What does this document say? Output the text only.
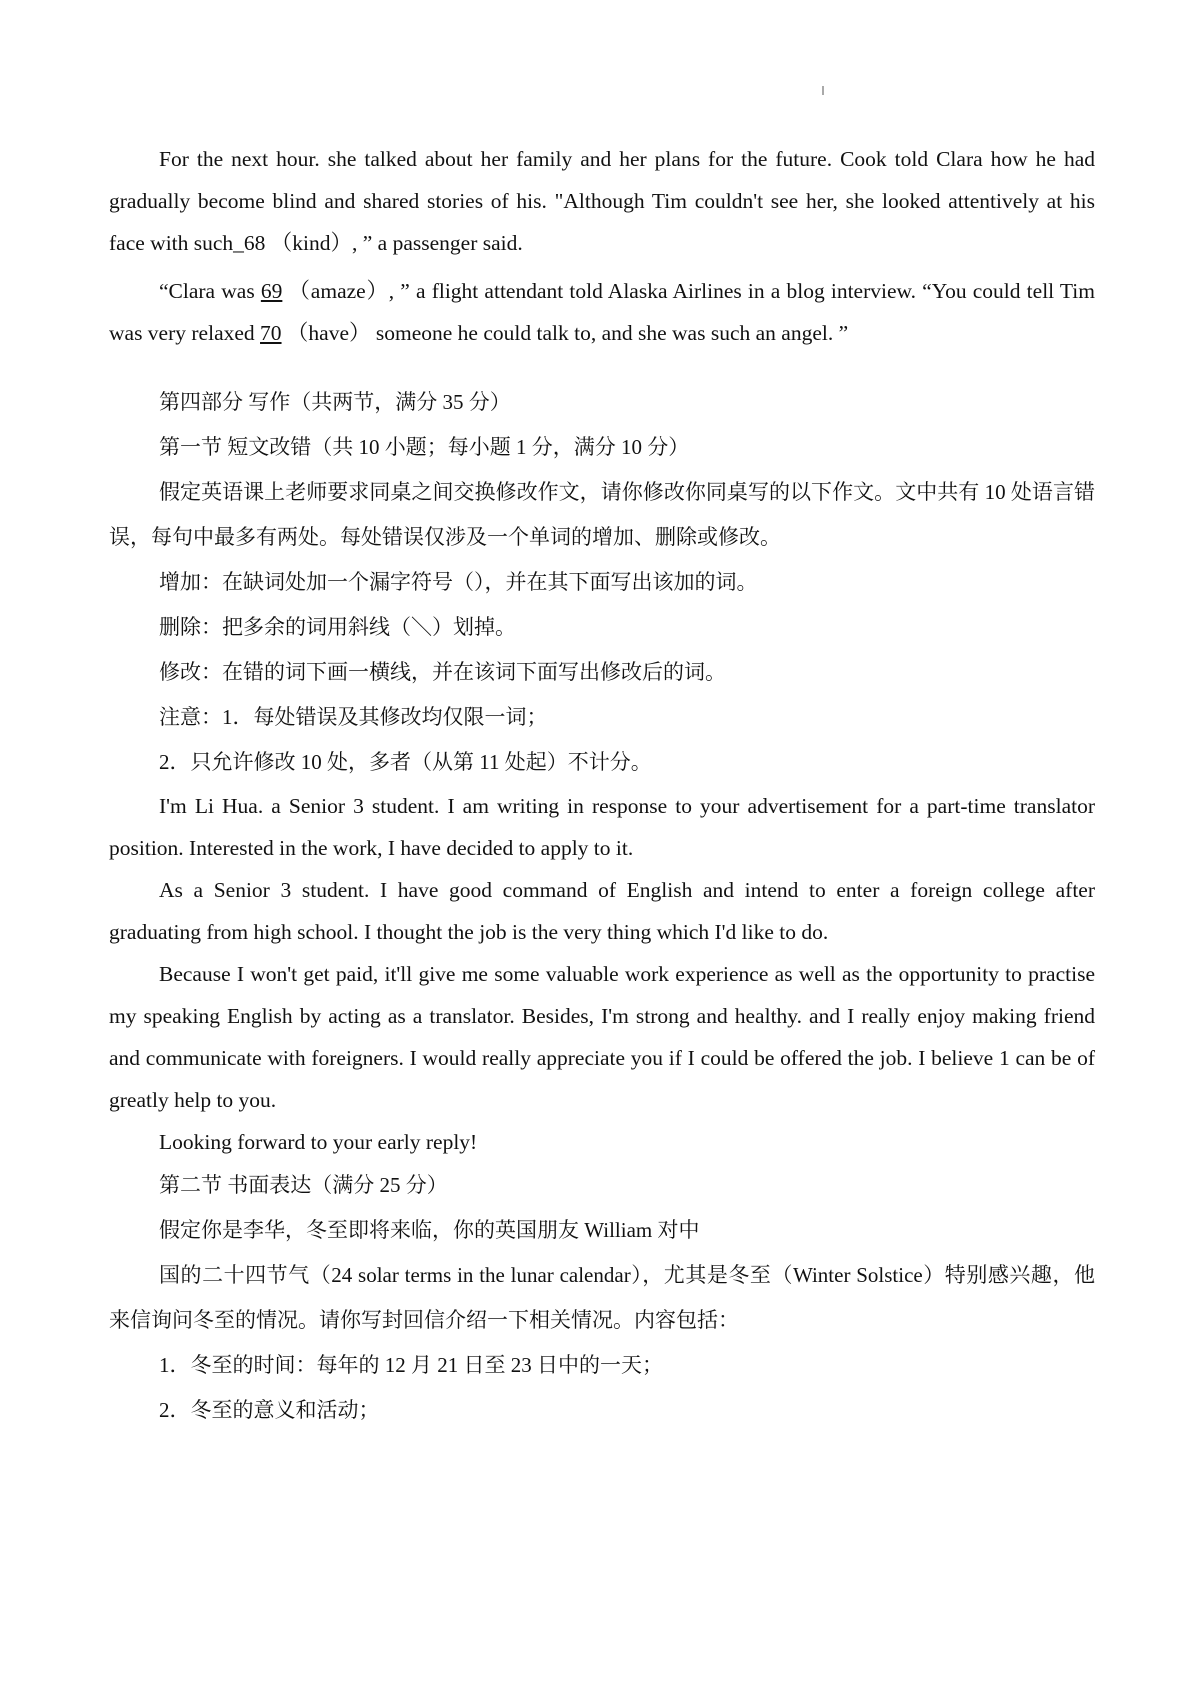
For the next hour. she talked about her family and her plans for the future. Cook told Clara how he had gradually become blind and shared stories of his. "Although Tim couldn't see her, she looked attentively at his face with such_68 （kind）, ” a passenger said.

“Clara was 69 （amaze）, ” a flight attendant told Alaska Airlines in a blog interview. “You could tell Tim was very relaxed 70 （have） someone he could talk to, and she was such an angel. ”

第四部分 写作（共两节，满分 35 分）

第一节 短文改错（共 10 小题；每小题 1 分，满分 10 分）

假定英语课上老师要求同桌之间交换修改作文，请你修改你同桌写的以下作文。文中共有 10 处语言错误，每句中最多有两处。每处错误仅涉及一个单词的增加、删除或修改。

增加：在缺词处加一个漏字符号（），并在其下面写出该加的词。

删除：把多余的词用斜线（＼）划掉。

修改：在错的词下画一横线，并在该词下面写出修改后的词。

注意：1．每处错误及其修改均仅限一词；

2．只允许修改 10 处，多者（从第 11 处起）不计分。

I'm Li Hua. a Senior 3 student. I am writing in response to your advertisement for a part-time translator position. Interested in the work, I have decided to apply to it.

As a Senior 3 student. I have good command of English and intend to enter a foreign college after graduating from high school. I thought the job is the very thing which I'd like to do.

Because I won't get paid, it'll give me some valuable work experience as well as the opportunity to practise my speaking English by acting as a translator. Besides, I'm strong and healthy. and I really enjoy making friend and communicate with foreigners. I would really appreciate you if I could be offered the job. I believe 1 can be of greatly help to you.

Looking forward to your early reply!

第二节 书面表达（满分 25 分）

假定你是李华，冬至即将来临，你的英国朋友 William 对中

国的二十四节气（24 solar terms in the lunar calendar），尤其是冬至（Winter Solstice）特别感兴趣，他来信询问冬至的情况。请你写封回信介绍一下相关情况。内容包括：

1．冬至的时间：每年的 12 月 21 日至 23 日中的一天；

2．冬至的意义和活动；
